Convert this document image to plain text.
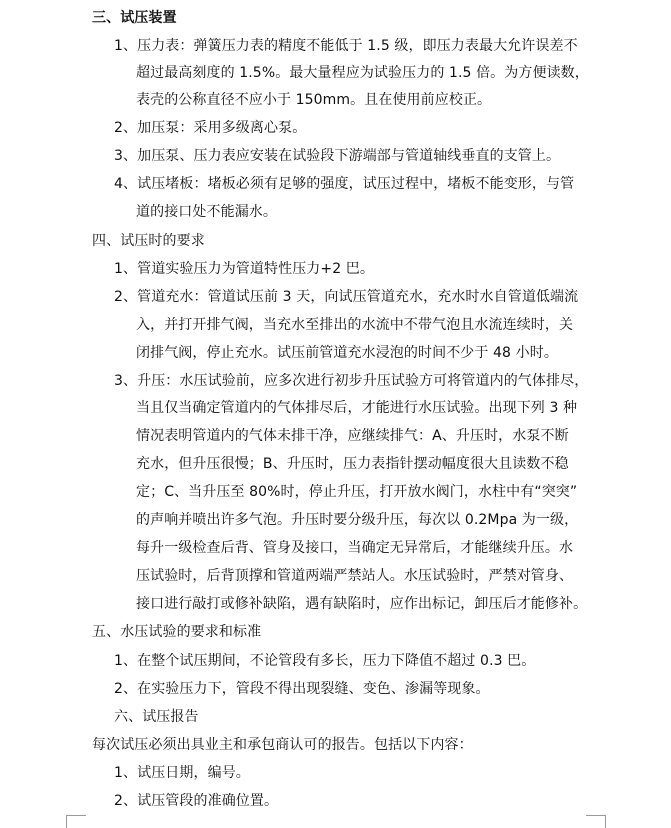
三、试压装置
1、压力表：弹簧压力表的精度不能低于 1.5 级，即压力表最大允许误差不
超过最高刻度的 1.5%。最大量程应为试验压力的 1.5 倍。为方便读数，
表壳的公称直径不应小于 150mm。且在使用前应校正。
2、加压泵：采用多级离心泵。
3、加压泵、压力表应安装在试验段下游端部与管道轴线垂直的支管上。
4、试压堵板：堵板必须有足够的强度，试压过程中，堵板不能变形，与管
道的接口处不能漏水。
四、试压时的要求
1、管道实验压力为管道特性压力+2 巴。
2、管道充水：管道试压前 3 天，向试压管道充水，充水时水自管道低端流
入，并打开排气阀，当充水至排出的水流中不带气泡且水流连续时，关
闭排气阀，停止充水。试压前管道充水浸泡的时间不少于 48 小时。
3、升压：水压试验前，应多次进行初步升压试验方可将管道内的气体排尽，
当且仅当确定管道内的气体排尽后，才能进行水压试验。出现下列 3 种
情况表明管道内的气体未排干净，应继续排气：A、升压时，水泵不断
充水，但升压很慢；B、升压时，压力表指针摆动幅度很大且读数不稳
定；C、当升压至 80%时，停止升压，打开放水阀门，水柱中有“突突”
的声响并喷出许多气泡。升压时要分级升压，每次以 0.2Mpa 为一级，
每升一级检查后背、管身及接口，当确定无异常后，才能继续升压。水
压试验时，后背顶撑和管道两端严禁站人。水压试验时，严禁对管身、
接口进行敲打或修补缺陷，遇有缺陷时，应作出标记，卸压后才能修补。
五、水压试验的要求和标准
1、在整个试压期间，不论管段有多长，压力下降值不超过 0.3 巴。
2、在实验压力下，管段不得出现裂缝、变色、渗漏等现象。
六、试压报告
每次试压必须出具业主和承包商认可的报告。包括以下内容：
1、试压日期，编号。
2、试压管段的准确位置。
